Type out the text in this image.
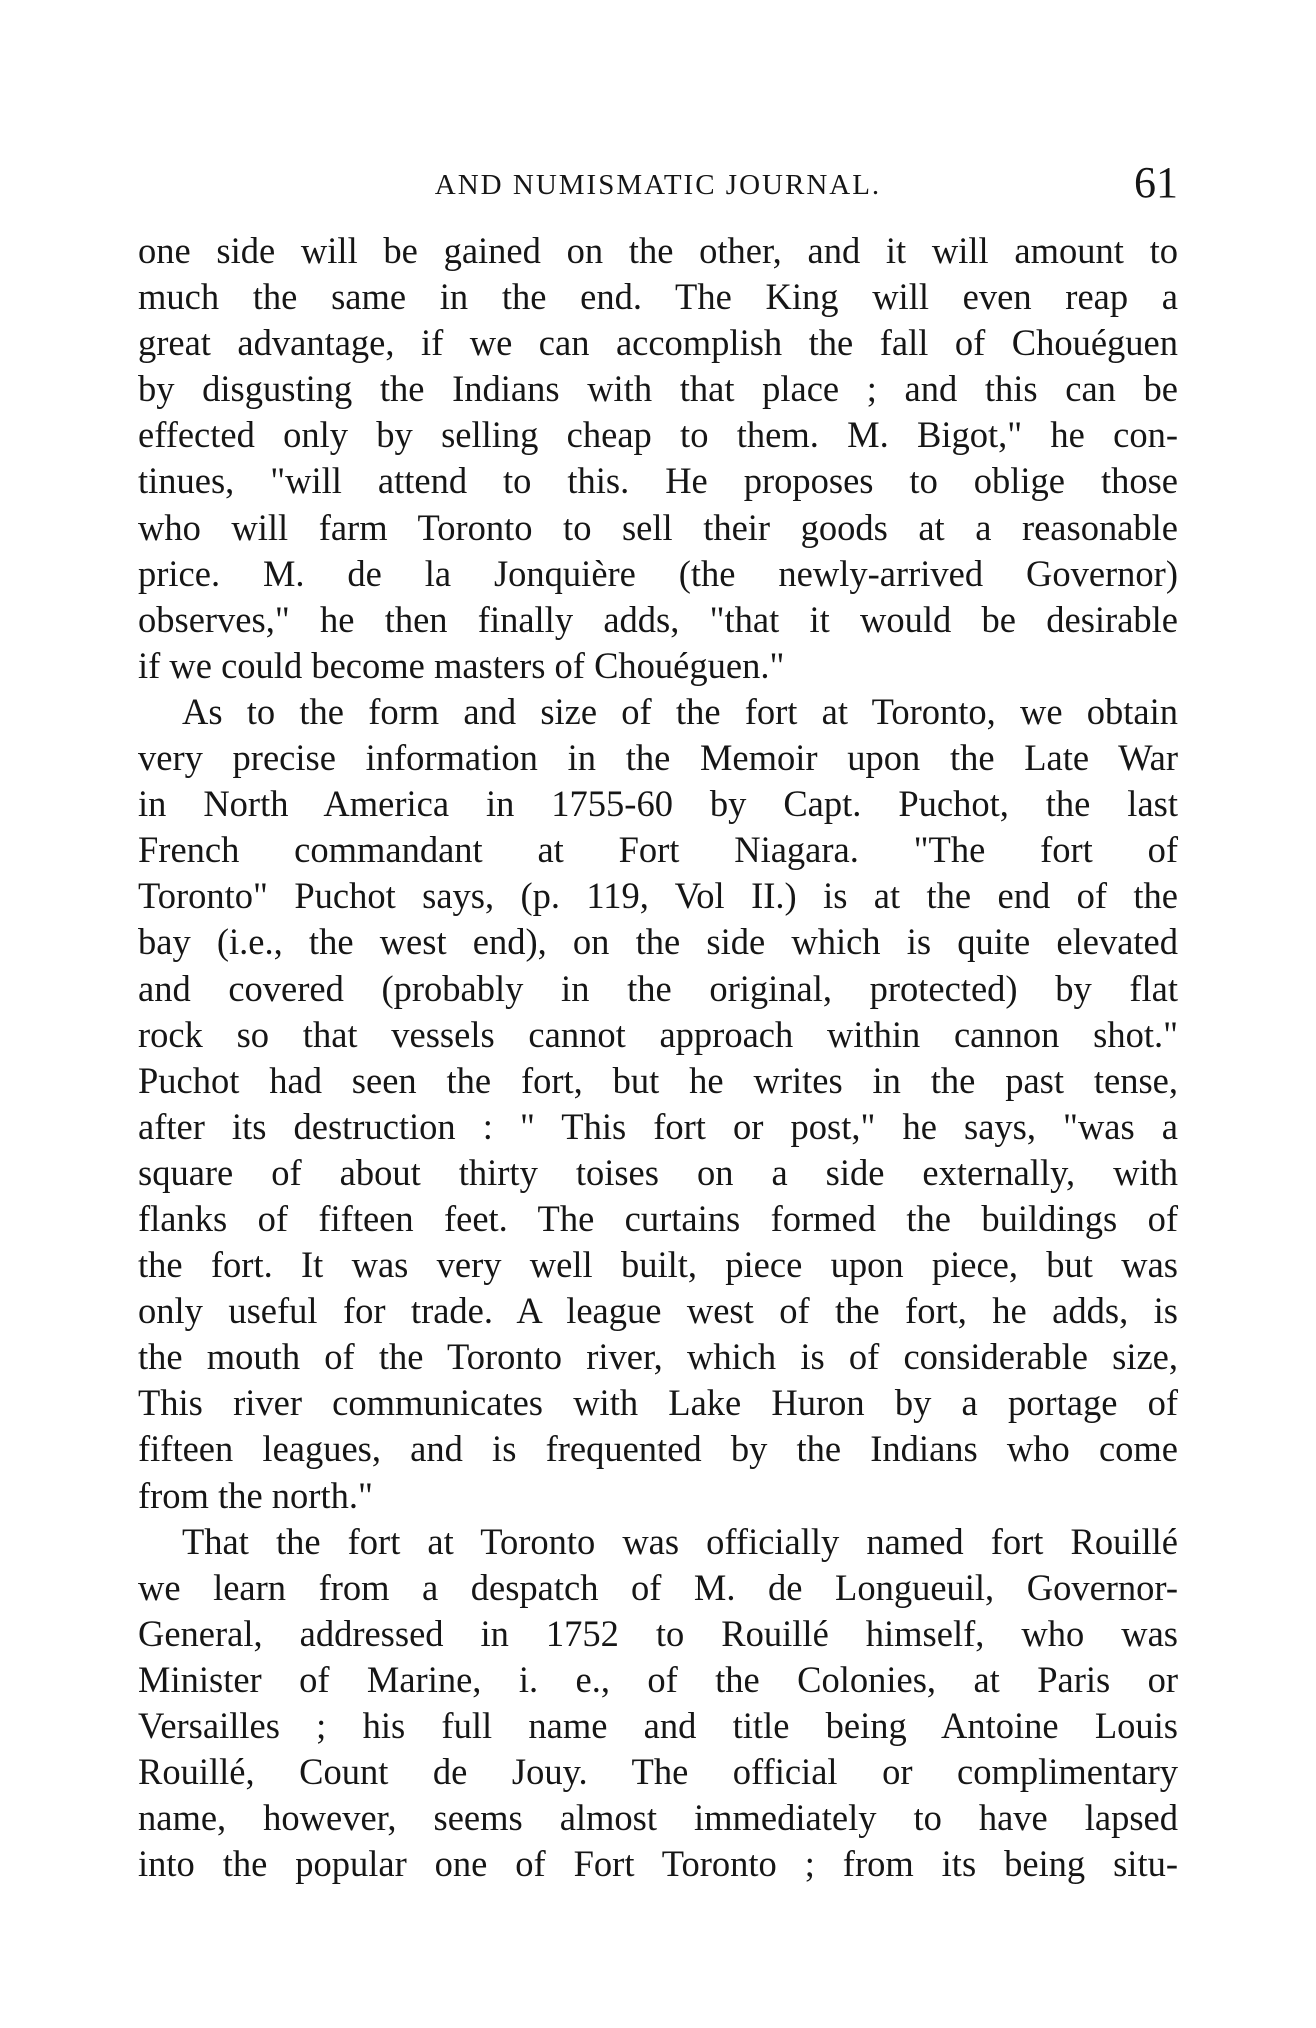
AND NUMISMATIC JOURNAL.	61

one side will be gained on the other, and it will amount to
much the same in the end. The King will even reap a
great advantage, if we can accomplish the fall of Chouéguen
by disgusting the Indians with that place ; and this can be
effected only by selling cheap to them. M. Bigot," he con-
tinues, "will attend to this. He proposes to oblige those
who will farm Toronto to sell their goods at a reasonable
price. M. de la Jonquière (the newly-arrived Governor)
observes," he then finally adds, "that it would be desirable
if we could become masters of Chouéguen."

As to the form and size of the fort at Toronto, we obtain
very precise information in the Memoir upon the Late War
in North America in 1755-60 by Capt. Puchot, the last
French commandant at Fort Niagara. "The fort of
Toronto" Puchot says, (p. 119, Vol II.) is at the end of the
bay (i.e., the west end), on the side which is quite elevated
and covered (probably in the original, protected) by flat
rock so that vessels cannot approach within cannon shot."
Puchot had seen the fort, but he writes in the past tense,
after its destruction : " This fort or post," he says, "was a
square of about thirty toises on a side externally, with
flanks of fifteen feet. The curtains formed the buildings of
the fort. It was very well built, piece upon piece, but was
only useful for trade. A league west of the fort, he adds, is
the mouth of the Toronto river, which is of considerable size,
This river communicates with Lake Huron by a portage of
fifteen leagues, and is frequented by the Indians who come
from the north."

That the fort at Toronto was officially named fort Rouillé
we learn from a despatch of M. de Longueuil, Governor-
General, addressed in 1752 to Rouillé himself, who was
Minister of Marine, i. e., of the Colonies, at Paris or
Versailles ; his full name and title being Antoine Louis
Rouillé, Count de Jouy. The official or complimentary
name, however, seems almost immediately to have lapsed
into the popular one of Fort Toronto ; from its being situ-
